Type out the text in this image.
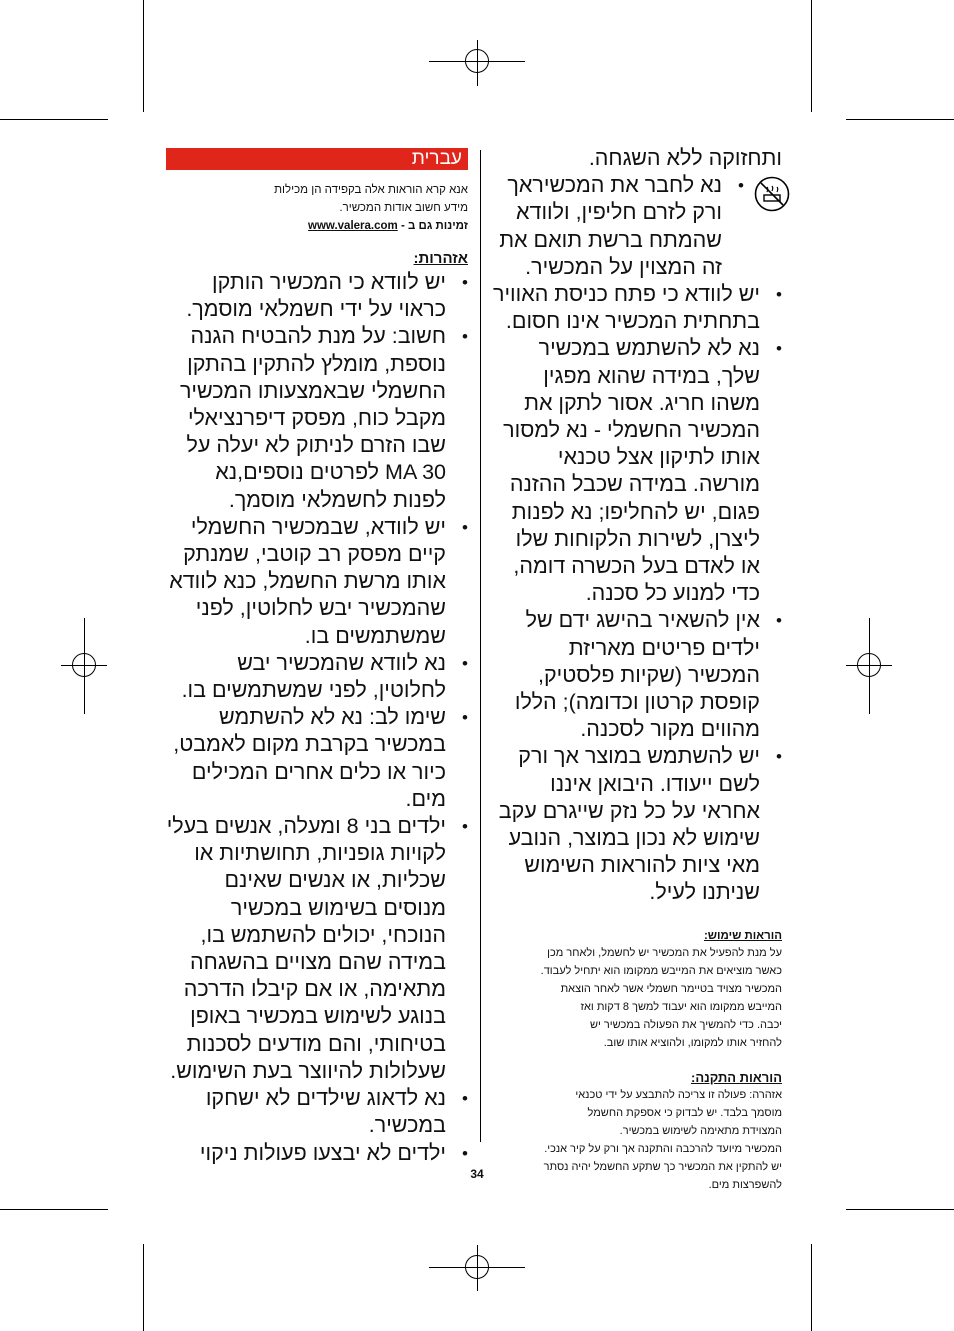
עברית
אנא קרא הוראות אלה בקפידה הן מכילות
מידע חשוב אודות המכשיר.
זמינות גם ב - www.valera.com
אזהרות:
• יש לוודא כי המכשיר הותקן כראוי על ידי חשמלאי מוסמך.
• חשוב: על מנת להבטיח הגנה נוספת, מומלץ להתקין בהתקן החשמלי שבאמצעותו המכשיר מקבל כוח, מפסק דיפרנציאלי שבו הזרם לניתוק לא יעלה על MA 30 לפרטים נוספים,נא לפנות לחשמלאי מוסמך.
• יש לוודא, שבמכשיר החשמלי קיים מפסק רב קוטבי, שמנתק אותו מרשת החשמל, כנא לוודא שהמכשיר יבש לחלוטין, לפני שמשתמשים בו.
• נא לוודא שהמכשיר יבש לחלוטין, לפני שמשתמשים בו.
• שימו לב: נא לא להשתמש במכשיר בקרבת מקום לאמבט, כיור או כלים אחרים המכילים מים.
• ילדים בני 8 ומעלה, אנשים בעלי לקויות גופניות, תחושתיות או שכליות, או אנשים שאינם מנוסים בשימוש במכשיר הנוכחי, יכולים להשתמש בו, במידה שהם מצויים בהשגחה מתאימה, או אם קיבלו הדרכה בנוגע לשימוש במכשיר באופן בטיחותי, והם מודעים לסכנות שעלולות להיווצר בעת השימוש.
• נא לדאוג שילדים לא ישחקו במכשיר.
• ילדים לא יבצעו פעולות ניקוי
ותחזוקה ללא השגחה.
• נא לחבר את המכשיראך ורק לזרם חליפין, ולוודא שהמתח ברשת תואם את זה המצוין על המכשיר.
• יש לוודא כי פתח כניסת האוויר בתחתית המכשיר אינו חסום.
• נא לא להשתמש במכשיר שלך, במידה שהוא מפגין משהו חריג. אסור לתקן את המכשיר החשמלי - נא למסור אותו לתיקון אצל טכנאי מורשה. במידה שכבל ההזנה פגום, יש להחליפו; נא לפנות ליצרן, לשירות הלקוחות שלו או לאדם בעל הכשרה דומה, כדי למנוע כל סכנה.
• אין להשאיר בהישג ידם של ילדים פריטים מאריזת המכשיר (שקיות פלסטיק, קופסת קרטון וכדומה); הללו מהווים מקור לסכנה.
• יש להשתמש במוצר אך ורק לשם ייעודו. היבואן איננו אחראי על כל נזק שייגרם עקב שימוש לא נכון במוצר, הנובע מאי ציות להוראות השימוש שניתנו לעיל.
הוראות שימוש:
על מנת להפעיל את המכשיר יש לחשמל, ולאחר מכן
כאשר מוציאים את המייבש ממקומו הוא יתחיל לעבוד.
המכשיר מצויד בטיימר חשמלי אשר לאחר הוצאת
המייבש ממקומו הוא יעבוד למשך 8 דקות ואז
יכבה. כדי להמשיך את הפעולה במכשיר יש
להחזיר אותו למקומו, ולהוציא אותו שוב.
הוראות התקנה:
אזהרה: פעולה זו צריכה להתבצע על ידי טכנאי
מוסמך בלבד. יש לבדוק כי אספקת החשמל
המצוידת מתאימה לשימוש במכשיר.
המכשיר מיועד להרכבה והתקנה אך ורק על קיר אנכי.
יש להתקין את המכשיר כך שתקע החשמל יהיה נסתר
להשפרצות מים.
34
